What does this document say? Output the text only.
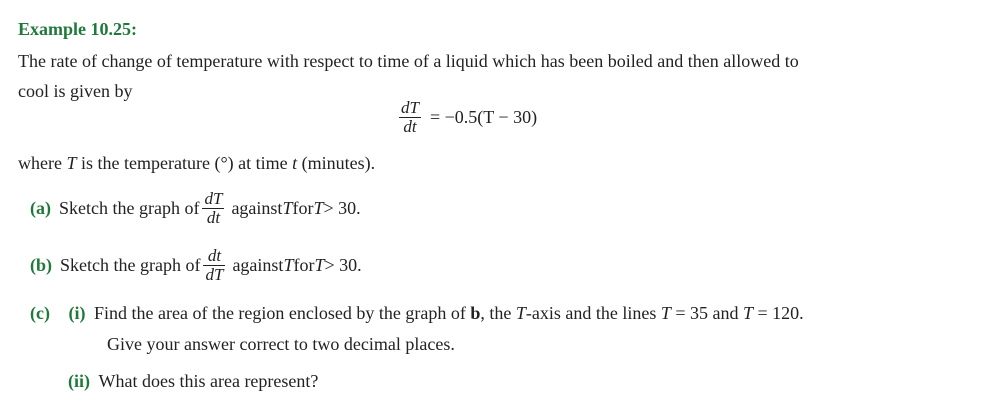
Example 10.25:
The rate of change of temperature with respect to time of a liquid which has been boiled and then allowed to
cool is given by
$\frac{dT}{dt} = -0.5(T - 30)$
where T is the temperature (°) at time t (minutes).
(a) Sketch the graph of $\frac{dT}{dt}$ against T for T > 30.
(b) Sketch the graph of $\frac{dt}{dT}$ against T for T > 30.
(c) (i) Find the area of the region enclosed by the graph of b, the T-axis and the lines T = 35 and T = 120.
Give your answer correct to two decimal places.
(ii) What does this area represent?
